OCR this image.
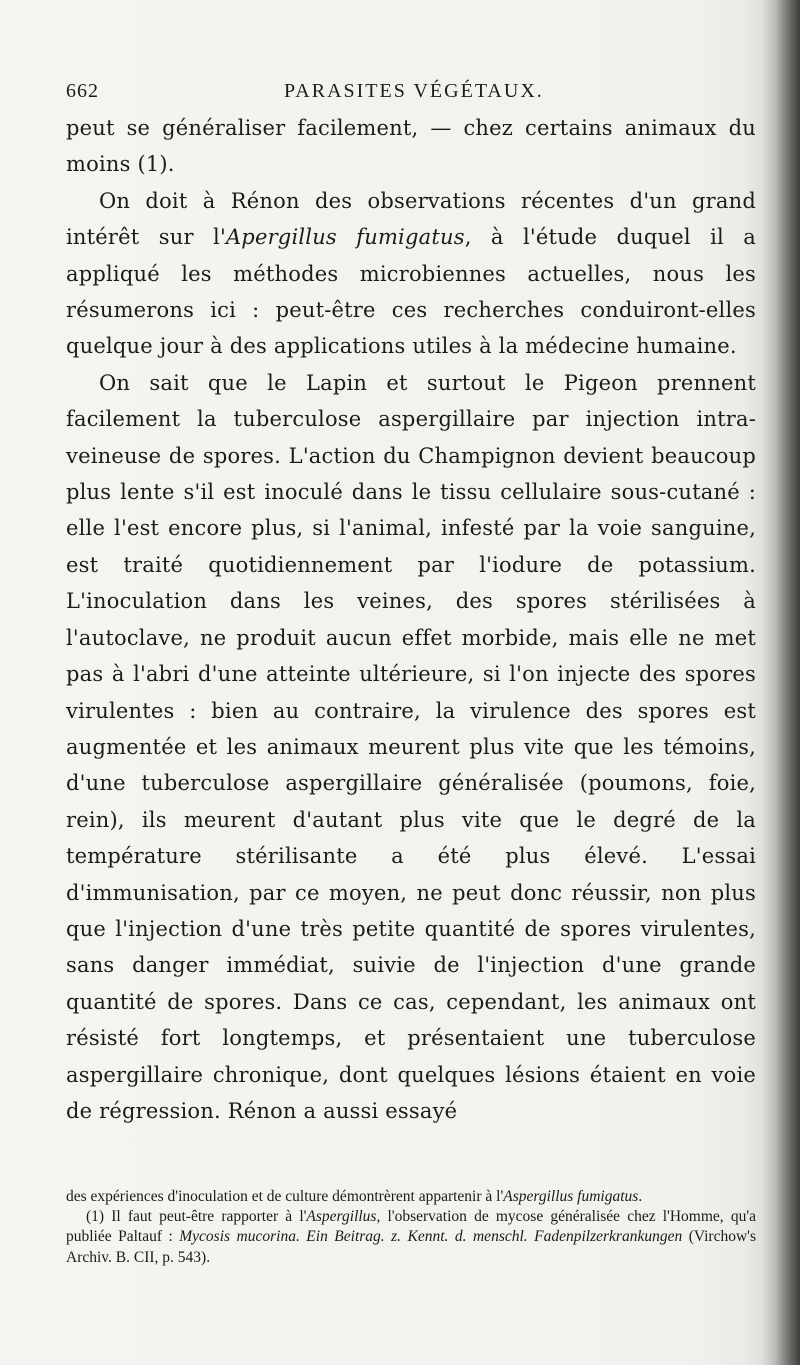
662	PARASITES VÉGÉTAUX.

peut se généraliser facilement, — chez certains animaux du moins (1).

On doit à Rénon des observations récentes d'un grand intérêt sur l'Apergillus fumigatus, à l'étude duquel il a appliqué les méthodes microbiennes actuelles, nous les résumerons ici : peut-être ces recherches conduiront-elles quelque jour à des applications utiles à la médecine humaine.

On sait que le Lapin et surtout le Pigeon prennent facilement la tuberculose aspergillaire par injection intra-veineuse de spores. L'action du Champignon devient beaucoup plus lente s'il est inoculé dans le tissu cellulaire sous-cutané : elle l'est encore plus, si l'animal, infesté par la voie sanguine, est traité quotidiennement par l'iodure de potassium. L'inoculation dans les veines, des spores stérilisées à l'autoclave, ne produit aucun effet morbide, mais elle ne met pas à l'abri d'une atteinte ultérieure, si l'on injecte des spores virulentes : bien au contraire, la virulence des spores est augmentée et les animaux meurent plus vite que les témoins, d'une tuberculose aspergillaire généralisée (poumons, foie, rein), ils meurent d'autant plus vite que le degré de la température stérilisante a été plus élevé. L'essai d'immunisation, par ce moyen, ne peut donc réussir, non plus que l'injection d'une très petite quantité de spores virulentes, sans danger immédiat, suivie de l'injection d'une grande quantité de spores. Dans ce cas, cependant, les animaux ont résisté fort longtemps, et présentaient une tuberculose aspergillaire chronique, dont quelques lésions étaient en voie de régression. Rénon a aussi essayé

des expériences d'inoculation et de culture démontrèrent appartenir à l'Aspergillus fumigatus.

(1) Il faut peut-être rapporter à l'Aspergillus, l'observation de mycose généralisée chez l'Homme, qu'a publiée Paltauf : Mycosis mucorina. Ein Beitrag. z. Kennt. d. menschl. Fadenpilzerkrankungen (Virchow's Archiv. B. CII, p. 543).
